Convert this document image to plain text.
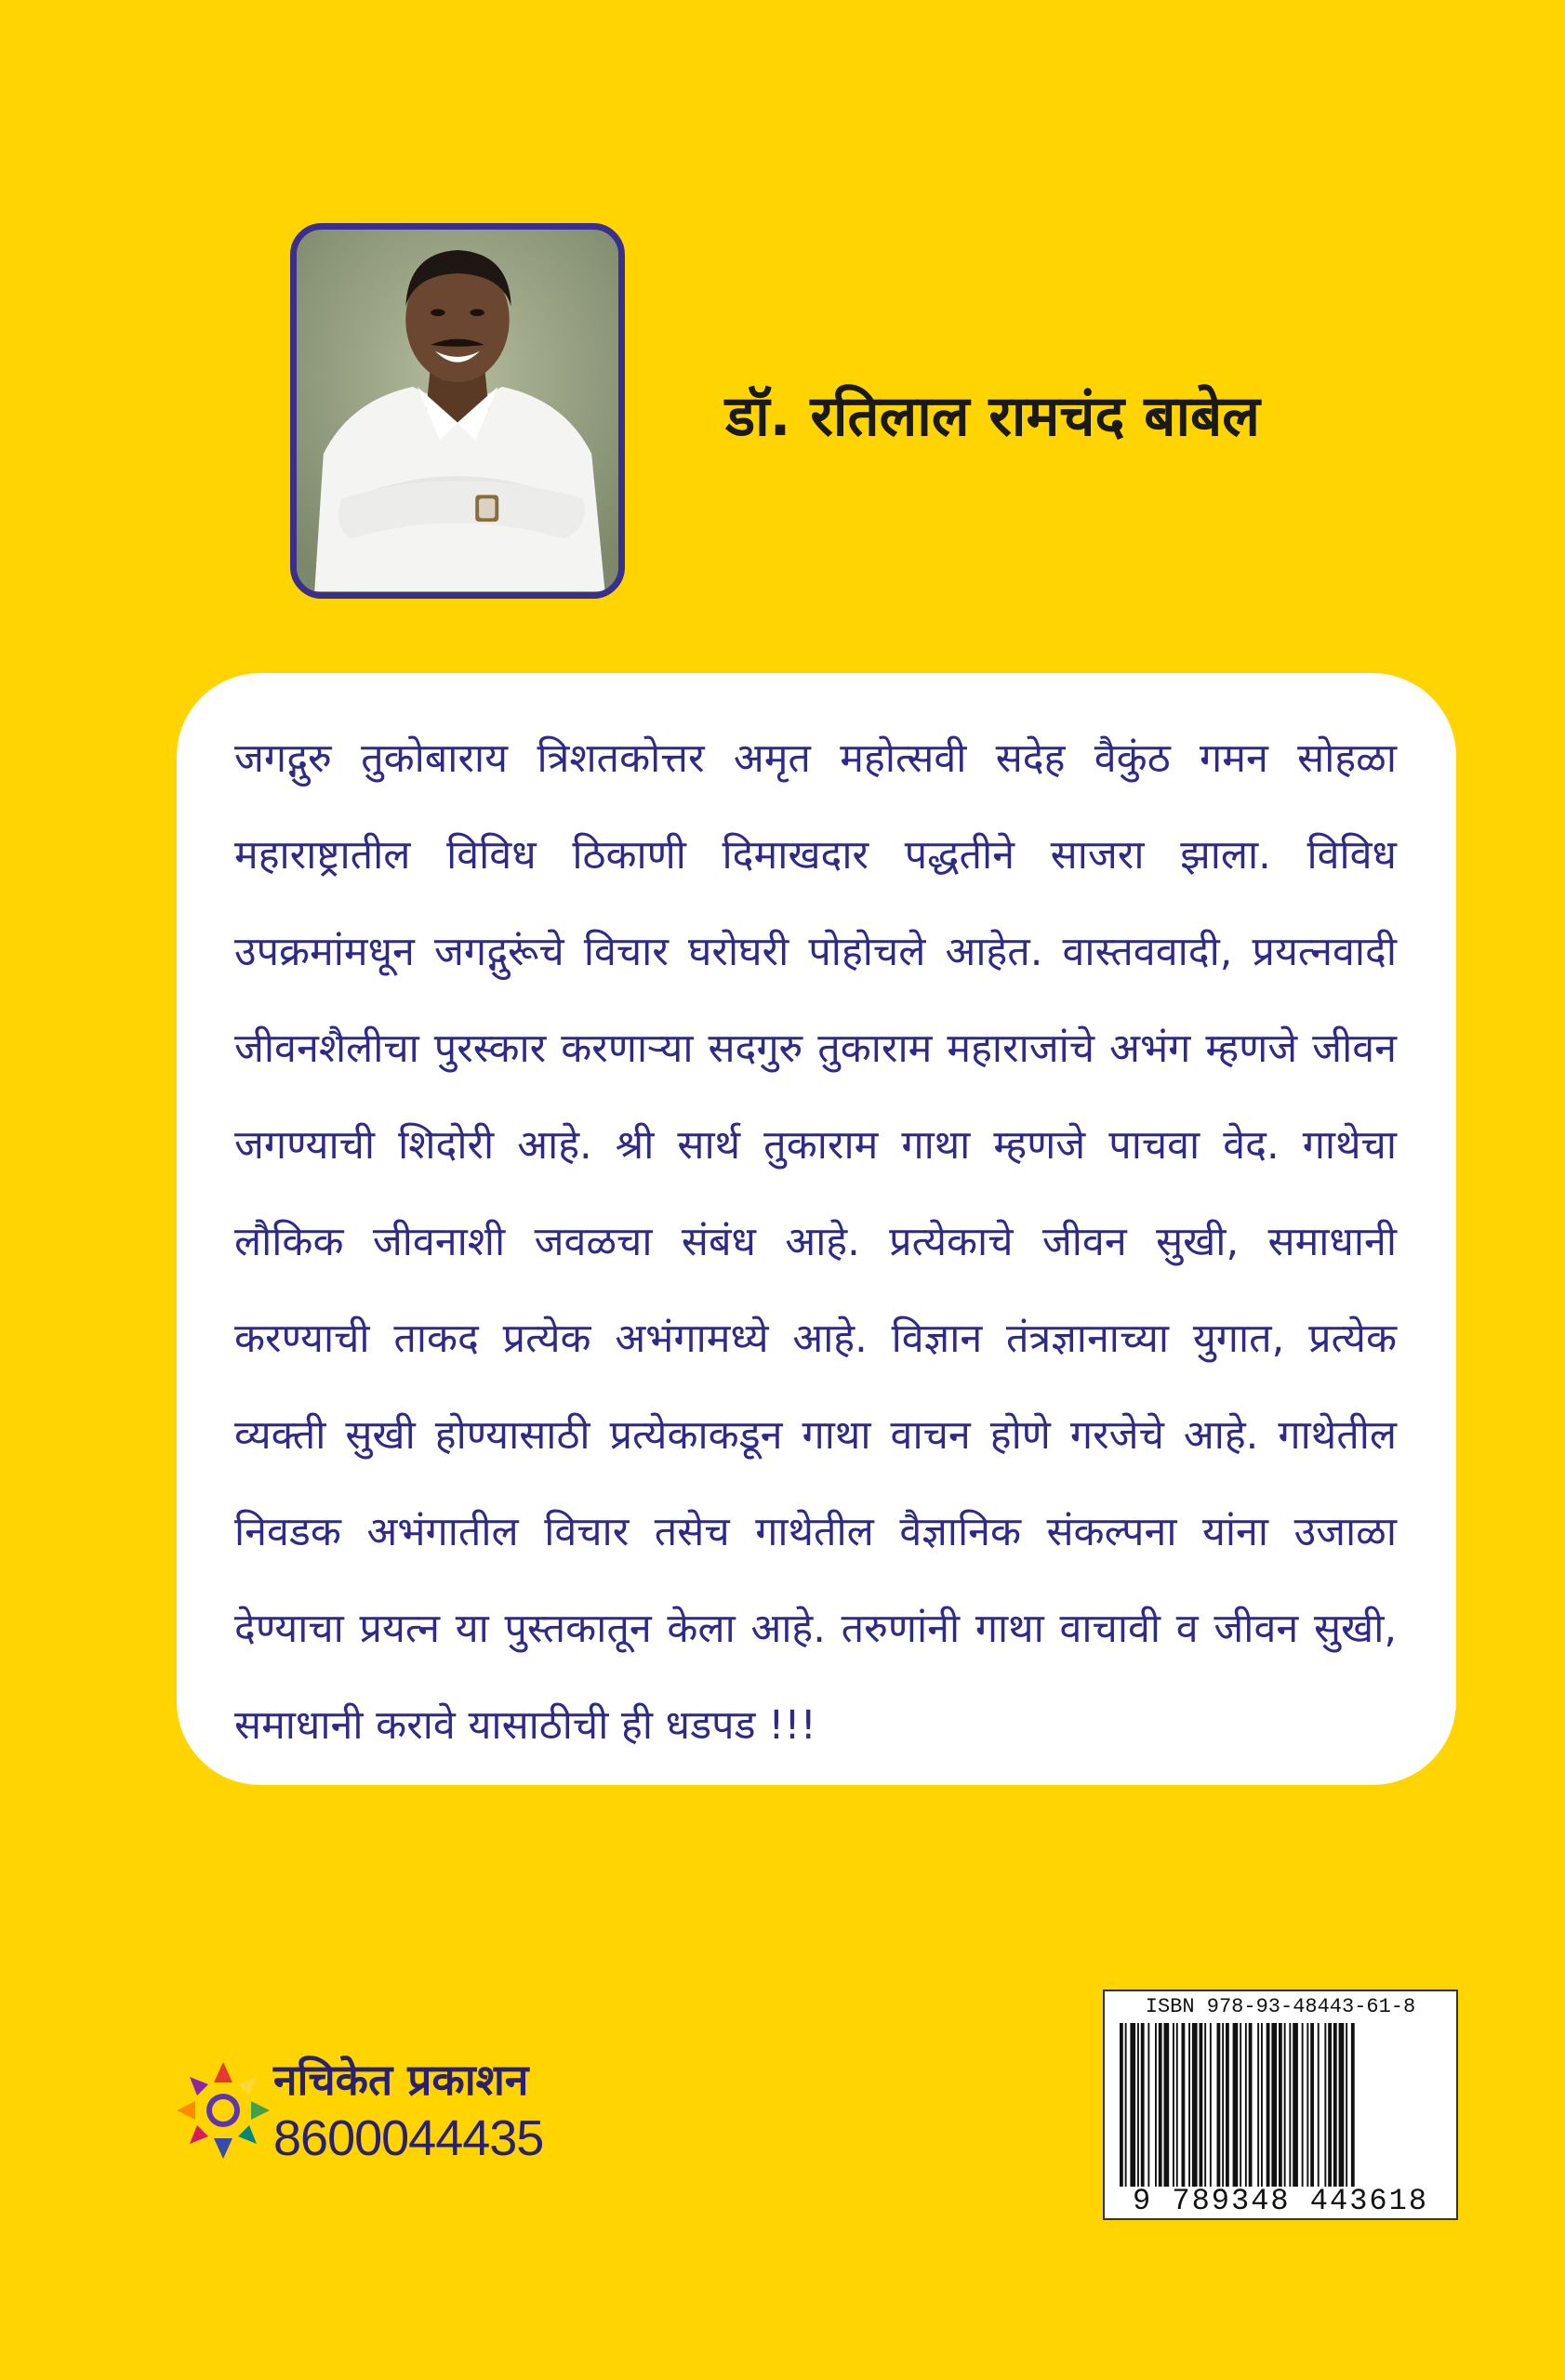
डॉ. रतिलाल रामचंद बाबेल
जगद्गुरु तुकोबाराय त्रिशतकोत्तर अमृत महोत्सवी सदेह वैकुंठ गमन सोहळा महाराष्ट्रातील विविध ठिकाणी दिमाखदार पद्धतीने साजरा झाला. विविध उपक्रमांमधून जगद्गुरूंचे विचार घरोघरी पोहोचले आहेत. वास्तववादी, प्रयत्नवादी जीवनशैलीचा पुरस्कार करणाऱ्या सदगुरु तुकाराम महाराजांचे अभंग म्हणजे जीवन जगण्याची शिदोरी आहे. श्री सार्थ तुकाराम गाथा म्हणजे पाचवा वेद. गाथेचा लौकिक जीवनाशी जवळचा संबंध आहे. प्रत्येकाचे जीवन सुखी, समाधानी करण्याची ताकद प्रत्येक अभंगामध्ये आहे. विज्ञान तंत्रज्ञानाच्या युगात, प्रत्येक व्यक्ती सुखी होण्यासाठी प्रत्येकाकडून गाथा वाचन होणे गरजेचे आहे. गाथेतील निवडक अभंगातील विचार तसेच गाथेतील वैज्ञानिक संकल्पना यांना उजाळा देण्याचा प्रयत्न या पुस्तकातून केला आहे. तरुणांनी गाथा वाचावी व जीवन सुखी, समाधानी करावे यासाठीची ही धडपड !!!
नचिकेत प्रकाशन
8600044435
ISBN 978-93-48443-61-8
9 789348 443618
